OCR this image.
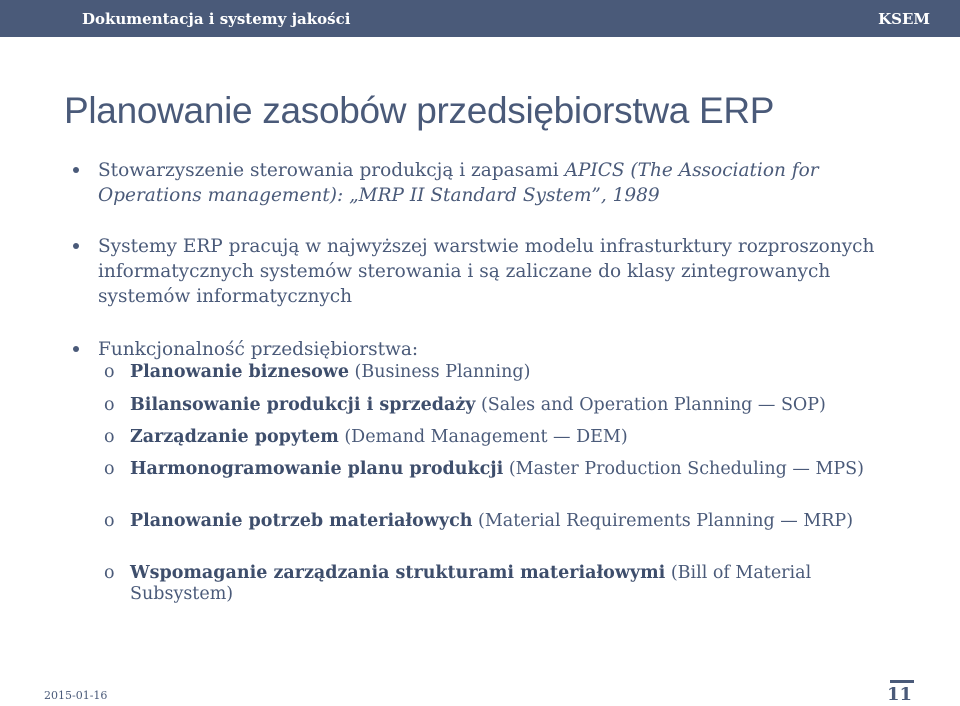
Dokumentacja i systemy jakości	KSEM
Planowanie zasobów przedsiębiorstwa ERP
Stowarzyszenie sterowania produkcją i zapasami APICS (The Association for Operations management): „MRP II Standard System”, 1989
Systemy ERP pracują w najwyższej warstwie modelu infrasturktury rozproszonych informatycznych systemów sterowania i są zaliczane do klasy zintegrowanych systemów informatycznych
Funkcjonalność przedsiębiorstwa:
o Planowanie biznesowe (Business Planning)
o Bilansowanie produkcji i sprzedaży (Sales and Operation Planning — SOP)
o Zarządzanie popytem (Demand Management — DEM)
o Harmonogramowanie planu produkcji (Master Production Scheduling — MPS)
o Planowanie potrzeb materiałowych (Material Requirements Planning — MRP)
o Wspomaganie zarządzania strukturami materiałowymi (Bill of Material Subsystem)
2015-01-16	11
